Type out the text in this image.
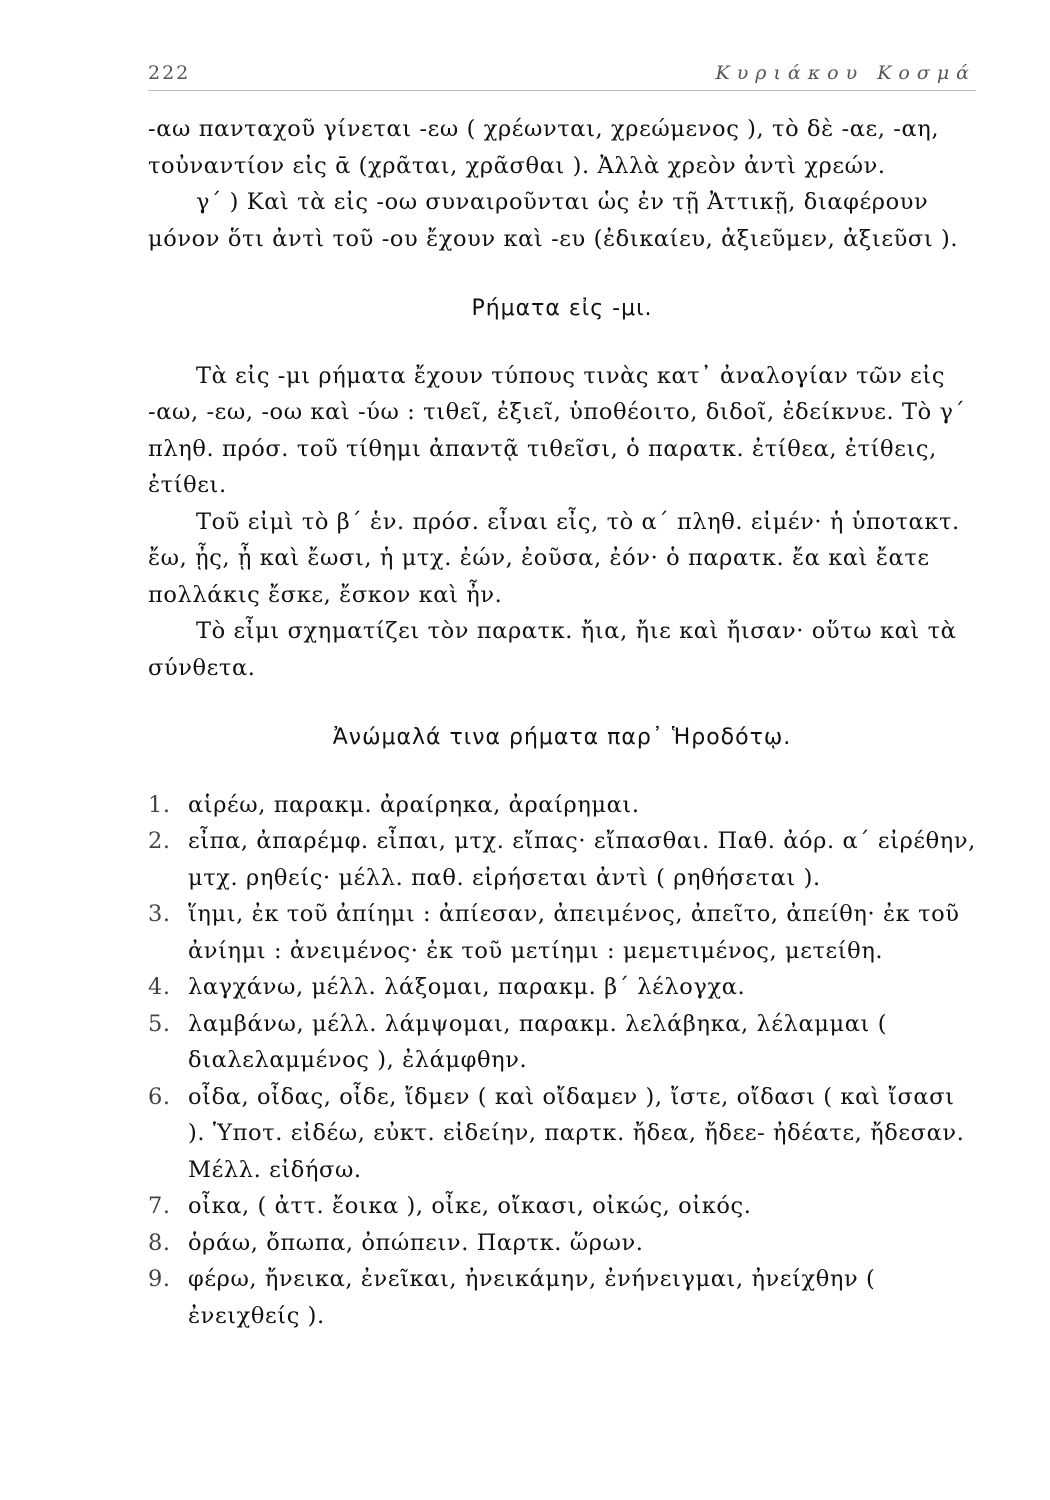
222	Κυριάκου Κοσμά

-αω πανταχοῦ γίνεται -εω ( χρέωνται, χρεώμενος ), τὸ δὲ -αε, -αη, τοὐναντίον εἰς ᾱ (χρᾶται, χρᾶσθαι ). Ἀλλὰ χρεὸν ἀντὶ χρεών.

γ´ ) Καὶ τὰ εἰς -οω συναιροῦνται ὡς ἐν τῇ Ἀττικῇ, διαφέρουν μόνον ὅτι ἀντὶ τοῦ -ου ἔχουν καὶ -ευ (ἐδικαίευ, ἀξιεῦμεν, ἀξιεῦσι ).

Ρήματα εἰς -μι.

Τὰ εἰς -μι ρήματα ἔχουν τύπους τινὰς κατ᾽ ἀναλογίαν τῶν εἰς -αω, -εω, -οω καὶ -ύω : τιθεῖ, ἐξιεῖ, ὑποθέοιτο, διδοῖ, ἐδείκνυε. Τὸ γ´ πληθ. πρόσ. τοῦ τίθημι ἀπαντᾷ τιθεῖσι, ὁ παρατκ. ἐτίθεα, ἐτίθεις, ἐτίθει.

Τοῦ εἰμὶ τὸ β´ ἑν. πρόσ. εἶναι εἶς, τὸ α´ πληθ. εἰμέν· ἡ ὑποτακτ. ἔω, ᾖς, ᾖ καὶ ἔωσι, ἡ μτχ. ἐών, ἐοῦσα, ἐόν· ὁ παρατκ. ἔα καὶ ἔατε πολλάκις ἔσκε, ἔσκον καὶ ἦν.

Τὸ εἶμι σχηματίζει τὸν παρατκ. ἤια, ἤιε καὶ ἤισαν· οὕτω καὶ τὰ σύνθετα.

Ἀνώμαλά τινα ρήματα παρ᾽ Ἡροδότῳ.
1. αἱρέω, παρακμ. ἀραίρηκα, ἀραίρημαι.
2. εἶπα, ἀπαρέμφ. εἶπαι, μτχ. εἴπας· εἴπασθαι. Παθ. ἀόρ. α´ εἰρέθην, μτχ. ρηθείς· μέλλ. παθ. εἰρήσεται ἀντὶ ( ρηθήσεται ).
3. ἵημι, ἐκ τοῦ ἀπίημι : ἀπίεσαν, ἀπειμένος, ἀπεῖτο, ἀπείθη· ἐκ τοῦ ἀνίημι : ἀνειμένος· ἐκ τοῦ μετίημι : μεμετιμένος, μετείθη.
4. λαγχάνω, μέλλ. λάξομαι, παρακμ. β´ λέλογχα.
5. λαμβάνω, μέλλ. λάμψομαι, παρακμ. λελάβηκα, λέλαμμαι ( διαλελαμμένος ), ἐλάμφθην.
6. οἶδα, οἶδας, οἶδε, ἴδμεν ( καὶ οἴδαμεν ), ἴστε, οἴδασι ( καὶ ἴσασι ). Ὑποτ. εἰδέω, εὐκτ. εἰδείην, παρτκ. ἤδεα, ἤδεε- ἠδέατε, ἤδεσαν. Μέλλ. εἰδήσω.
7. οἶκα, ( ἀττ. ἔοικα ), οἶκε, οἴκασι, οἰκώς, οἰκός.
8. ὁράω, ὄπωπα, ὀπώπειν. Παρτκ. ὥρων.
9. φέρω, ἤνεικα, ἐνεῖκαι, ἠνεικάμην, ἐνήνειγμαι, ἠνείχθην ( ἐνειχθείς ).
